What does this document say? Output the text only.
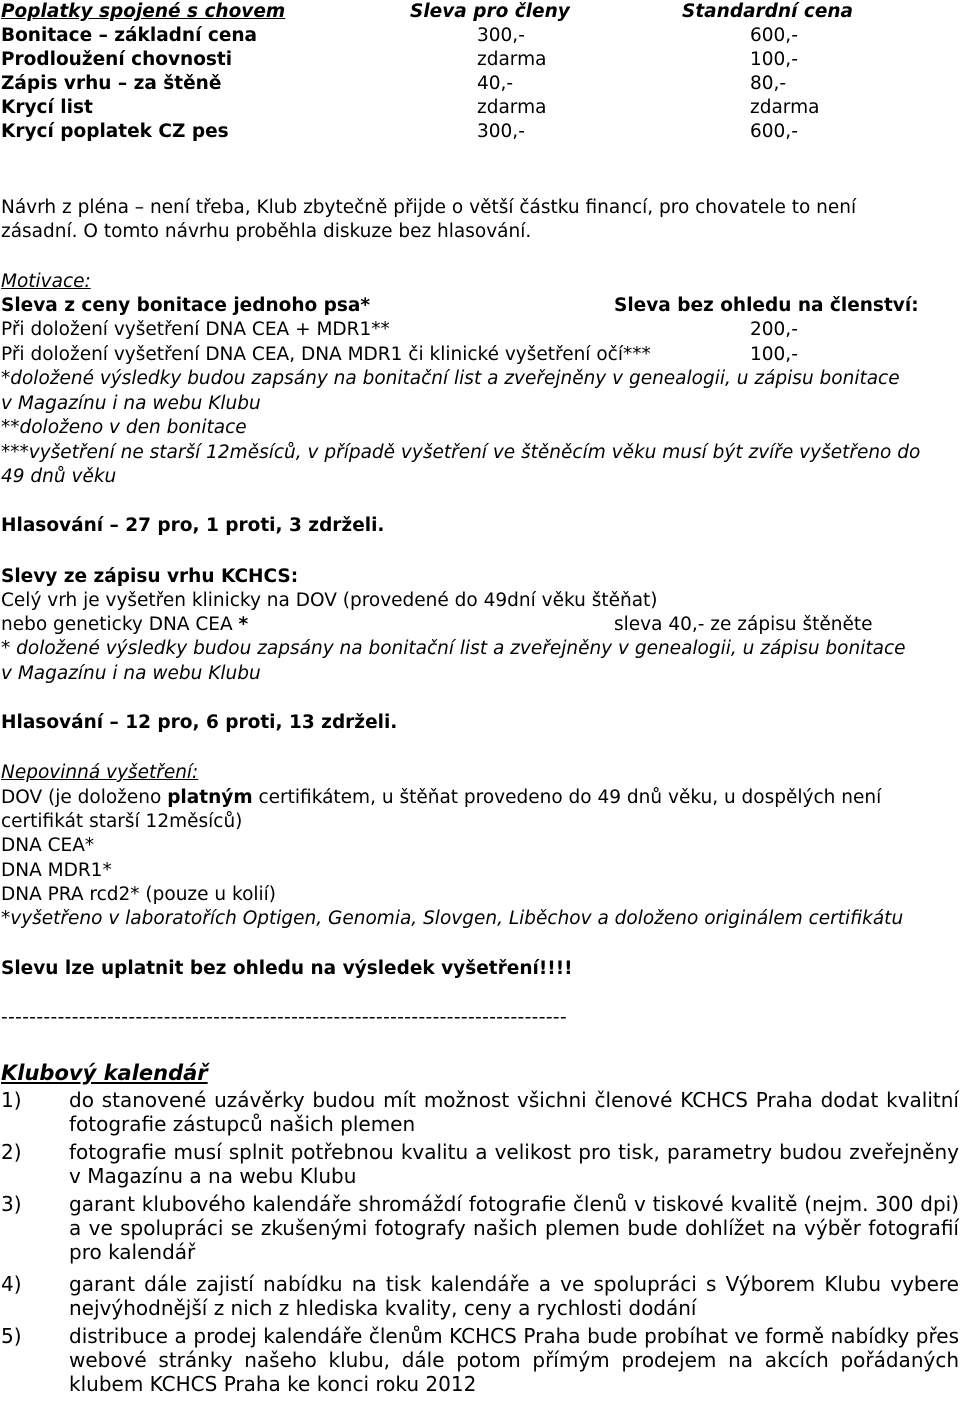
Poplatky spojené s chovem	Sleva pro členy	Standardní cena
Bonitace – základní cena	300,-	600,-
Prodloužení chovnosti	zdarma	100,-
Zápis vrhu – za štěně	40,-	80,-
Krycí list	zdarma	zdarma
Krycí poplatek CZ pes	300,-	600,-
Návrh z pléna – není třeba, Klub zbytečně přijde o větší částku financí, pro chovatele to není
zásadní. O tomto návrhu proběhla diskuze bez hlasování.
Motivace:
Sleva z ceny bonitace jednoho psa*	Sleva bez ohledu na členství:
Při doložení vyšetření DNA CEA + MDR1**	200,-
Při doložení vyšetření DNA CEA, DNA MDR1 či klinické vyšetření očí***	100,-
*doložené výsledky budou zapsány na bonitační list a zveřejněny v genealogii, u zápisu bonitace
v Magazínu i na webu Klubu
**doloženo v den bonitace
***vyšetření ne starší 12měsíců, v případě vyšetření ve štěněcím věku musí být zvíře vyšetřeno do
49 dnů věku
Hlasování – 27 pro, 1 proti, 3 zdrželi.
Slevy ze zápisu vrhu KCHCS:
Celý vrh je vyšetřen klinicky na DOV (provedené do 49dní věku štěňat)
nebo geneticky DNA CEA *	sleva 40,- ze zápisu štěněte
* doložené výsledky budou zapsány na bonitační list a zveřejněny v genealogii, u zápisu bonitace
v Magazínu i na webu Klubu
Hlasování – 12 pro, 6 proti, 13 zdrželi.
Nepovinná vyšetření:
DOV (je doloženo platným certifikátem, u štěňat provedeno do 49 dnů věku, u dospělých není
certifikát starší 12měsíců)
DNA CEA*
DNA MDR1*
DNA PRA rcd2* (pouze u kolií)
*vyšetřeno v laboratořích Optigen, Genomia, Slovgen, Liběchov a doloženo originálem certifikátu
Slevu lze uplatnit bez ohledu na výsledek vyšetření!!!!
--------------------------------------------------------------------------------
Klubový kalendář
1) do stanovené uzávěrky budou mít možnost všichni členové KCHCS Praha dodat kvalitní fotografie zástupců našich plemen
2) fotografie musí splnit potřebnou kvalitu a velikost pro tisk, parametry budou zveřejněny v Magazínu a na webu Klubu
3) garant klubového kalendáře shromáždí fotografie členů v tiskové kvalitě (nejm. 300 dpi) a ve spolupráci se zkušenými fotografy našich plemen bude dohlížet na výběr fotografií pro kalendář
4) garant dále zajistí nabídku na tisk kalendáře a ve spolupráci s Výborem Klubu vybere nejvýhodnější z nich z hlediska kvality, ceny a rychlosti dodání
5) distribuce a prodej kalendáře členům KCHCS Praha bude probíhat ve formě nabídky přes webové stránky našeho klubu, dále potom přímým prodejem na akcích pořádaných klubem KCHCS Praha ke konci roku 2012
